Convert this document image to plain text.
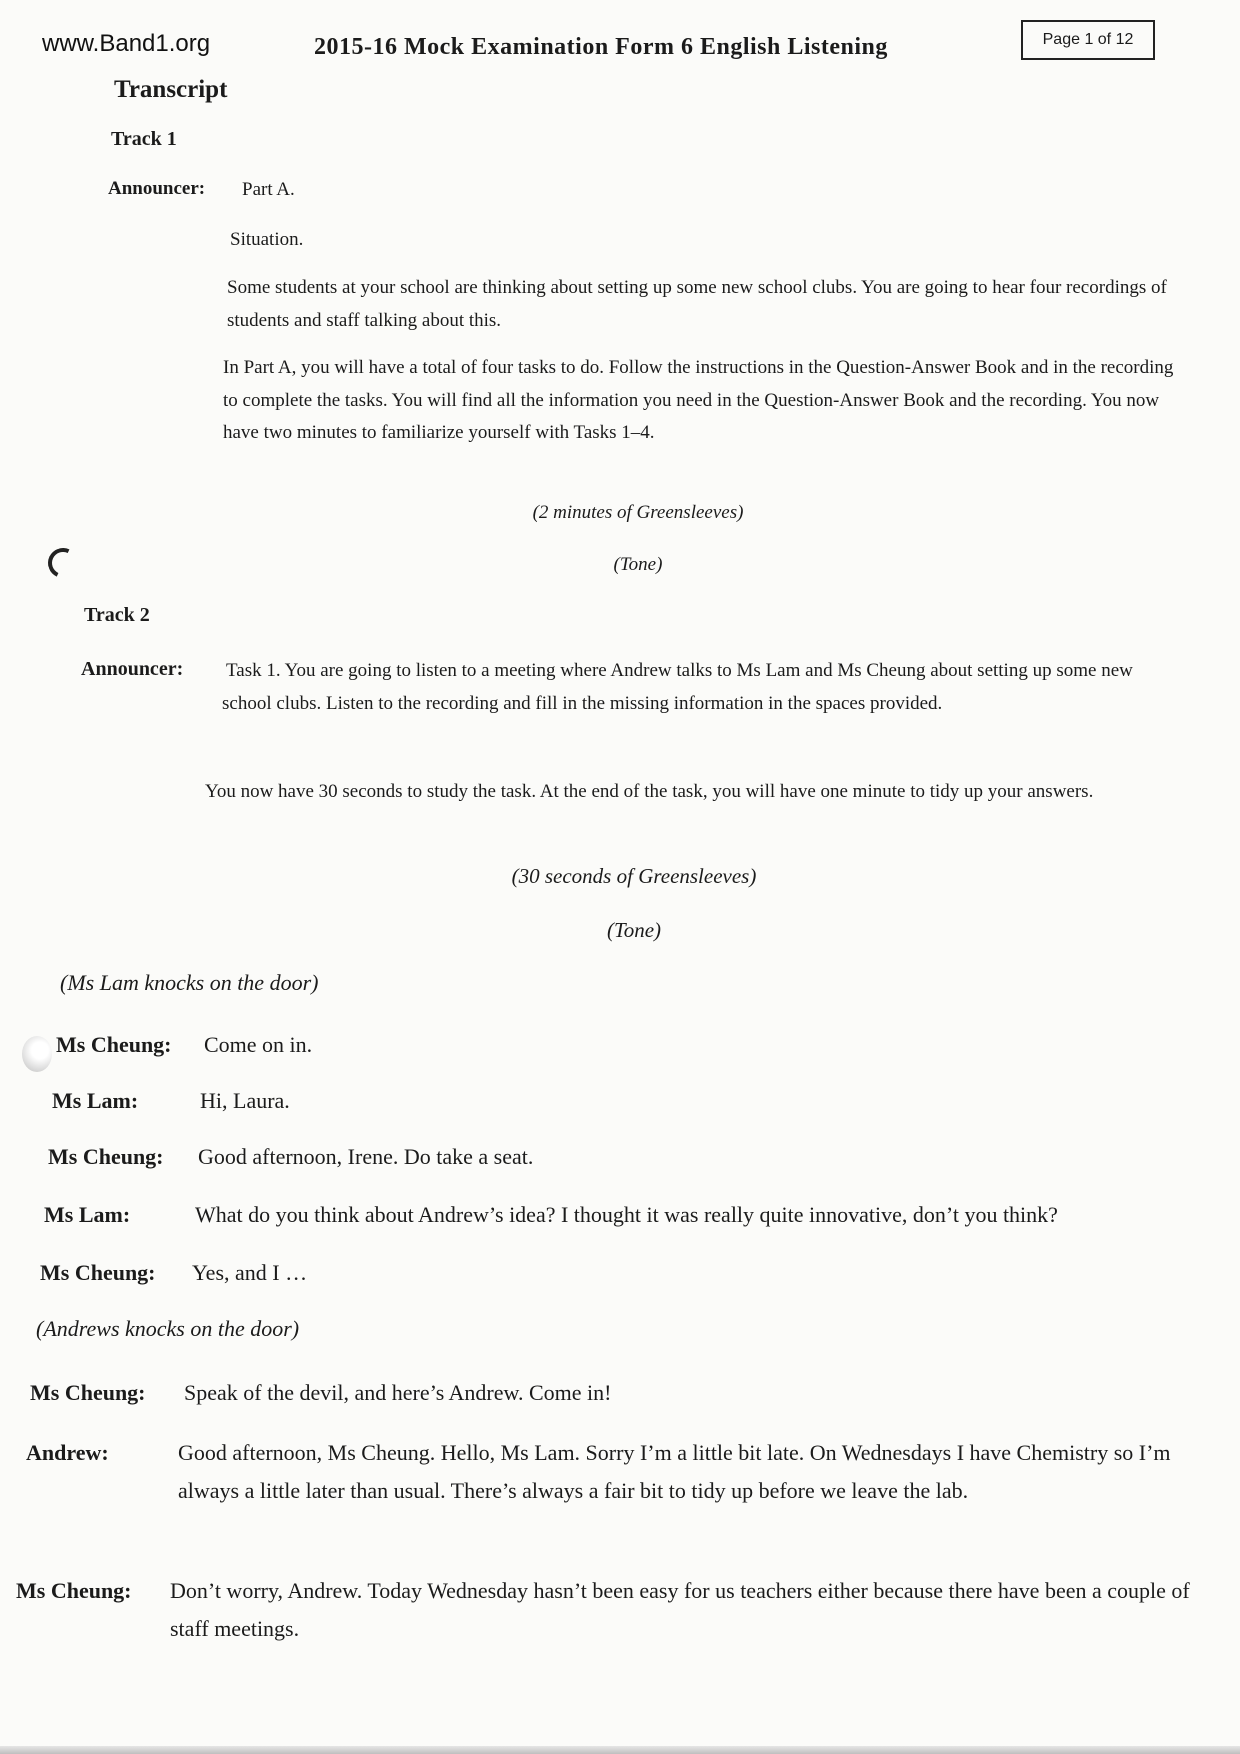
www.Band1.org	2015-16 Mock Examination Form 6 English Listening	Page 1 of 12
Transcript
Track 1
Announcer: Part A.
Situation.
Some students at your school are thinking about setting up some new school clubs. You are going to hear four recordings of students and staff talking about this.
In Part A, you will have a total of four tasks to do. Follow the instructions in the Question-Answer Book and in the recording to complete the tasks. You will find all the information you need in the Question-Answer Book and the recording. You now have two minutes to familiarize yourself with Tasks 1–4.
(2 minutes of Greensleeves)
(Tone)
Track 2
Announcer: Task 1. You are going to listen to a meeting where Andrew talks to Ms Lam and Ms Cheung about setting up some new school clubs. Listen to the recording and fill in the missing information in the spaces provided.
You now have 30 seconds to study the task. At the end of the task, you will have one minute to tidy up your answers.
(30 seconds of Greensleeves)
(Tone)
(Ms Lam knocks on the door)
Ms Cheung: Come on in.
Ms Lam:	Hi, Laura.
Ms Cheung: Good afternoon, Irene. Do take a seat.
Ms Lam:	What do you think about Andrew’s idea? I thought it was really quite innovative, don’t you think?
Ms Cheung: Yes, and I …
(Andrews knocks on the door)
Ms Cheung: Speak of the devil, and here’s Andrew. Come in!
Andrew:	Good afternoon, Ms Cheung. Hello, Ms Lam. Sorry I’m a little bit late. On Wednesdays I have Chemistry so I’m always a little later than usual. There’s always a fair bit to tidy up before we leave the lab.
Ms Cheung: Don’t worry, Andrew. Today Wednesday hasn’t been easy for us teachers either because there have been a couple of staff meetings.
